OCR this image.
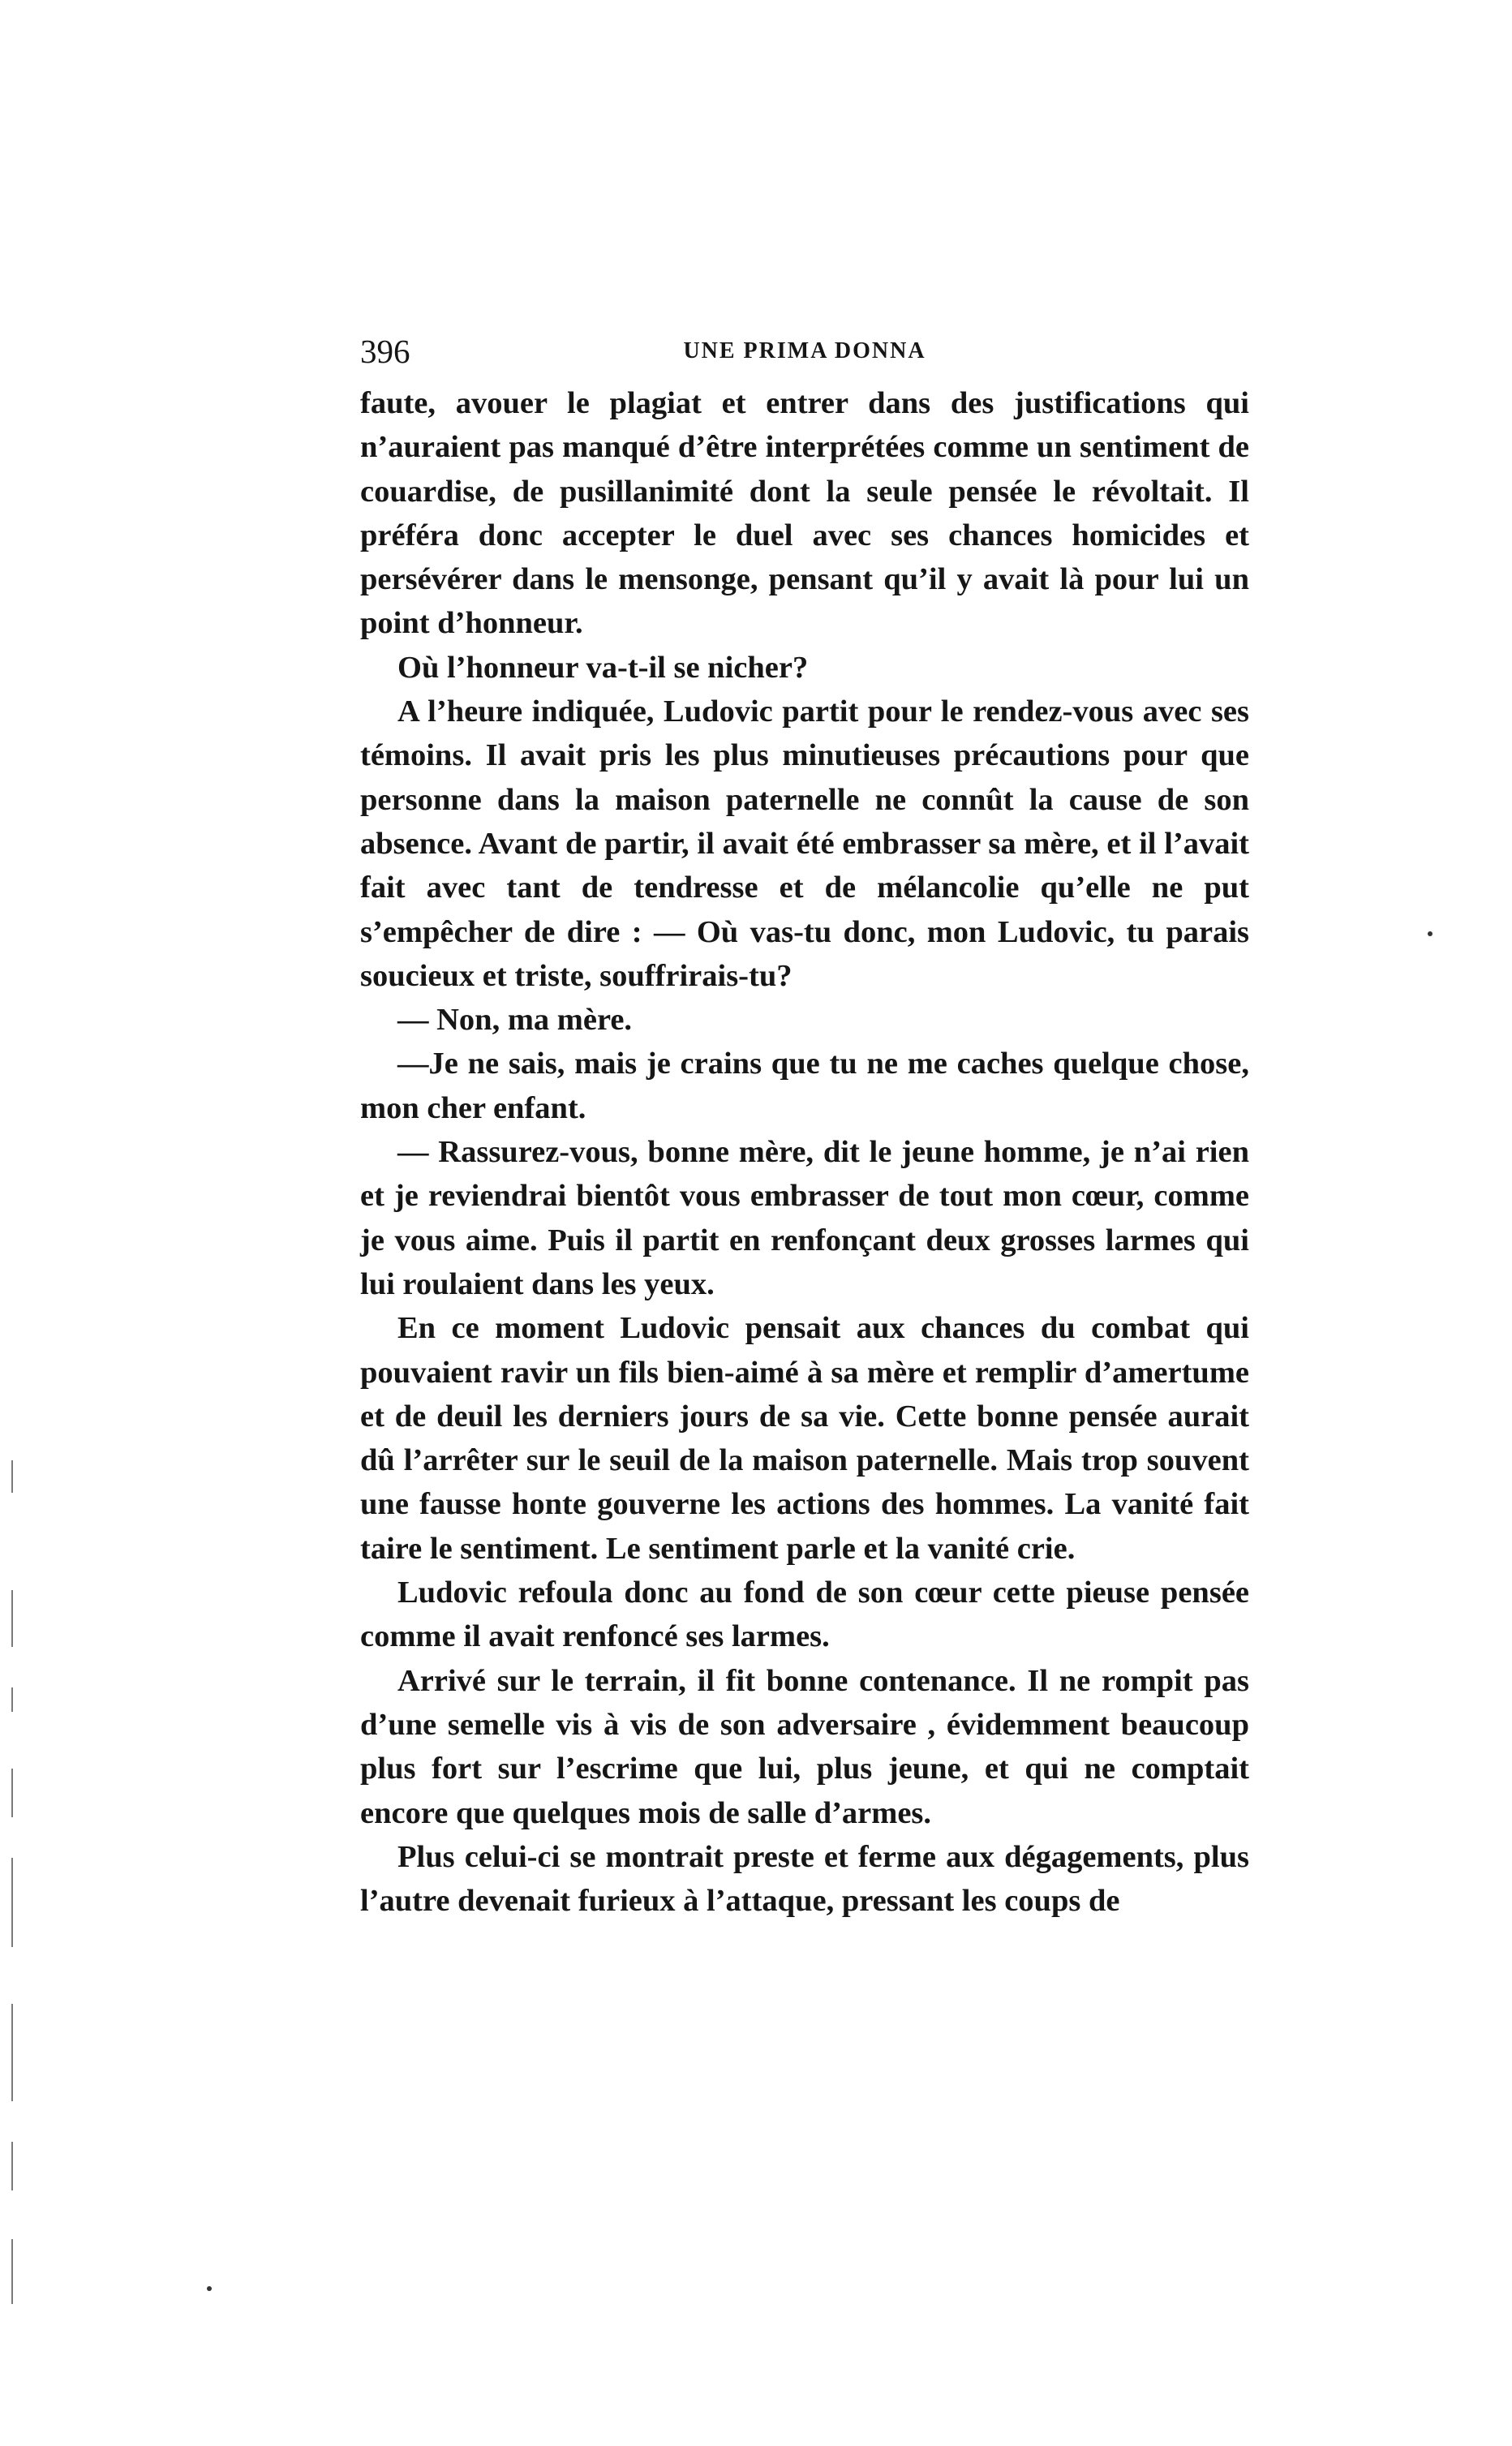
396	UNE PRIMA DONNA

faute, avouer le plagiat et entrer dans des justifications qui n’auraient pas manqué d’être interprétées comme un sentiment de couardise, de pusillanimité dont la seule pensée le révoltait. Il préféra donc accepter le duel avec ses chances homicides et persévérer dans le mensonge, pensant qu’il y avait là pour lui un point d’honneur.

Où l’honneur va-t-il se nicher?

A l’heure indiquée, Ludovic partit pour le rendez-vous avec ses témoins. Il avait pris les plus minutieuses précautions pour que personne dans la maison paternelle ne connût la cause de son absence. Avant de partir, il avait été embrasser sa mère, et il l’avait fait avec tant de tendresse et de mélancolie qu’elle ne put s’empêcher de dire : — Où vas-tu donc, mon Ludovic, tu parais soucieux et triste, souffrirais-tu?

— Non, ma mère.

—Je ne sais, mais je crains que tu ne me caches quelque chose, mon cher enfant.

— Rassurez-vous, bonne mère, dit le jeune homme, je n’ai rien et je reviendrai bientôt vous embrasser de tout mon cœur, comme je vous aime. Puis il partit en renfonçant deux grosses larmes qui lui roulaient dans les yeux.

En ce moment Ludovic pensait aux chances du combat qui pouvaient ravir un fils bien-aimé à sa mère et remplir d’amertume et de deuil les derniers jours de sa vie. Cette bonne pensée aurait dû l’arrêter sur le seuil de la maison paternelle. Mais trop souvent une fausse honte gouverne les actions des hommes. La vanité fait taire le sentiment. Le sentiment parle et la vanité crie.

Ludovic refoula donc au fond de son cœur cette pieuse pensée comme il avait renfoncé ses larmes.

Arrivé sur le terrain, il fit bonne contenance. Il ne rompit pas d’une semelle vis à vis de son adversaire , évidemment beaucoup plus fort sur l’escrime que lui, plus jeune, et qui ne comptait encore que quelques mois de salle d’armes.

Plus celui-ci se montrait preste et ferme aux dégagements, plus l’autre devenait furieux à l’attaque, pressant les coups de
